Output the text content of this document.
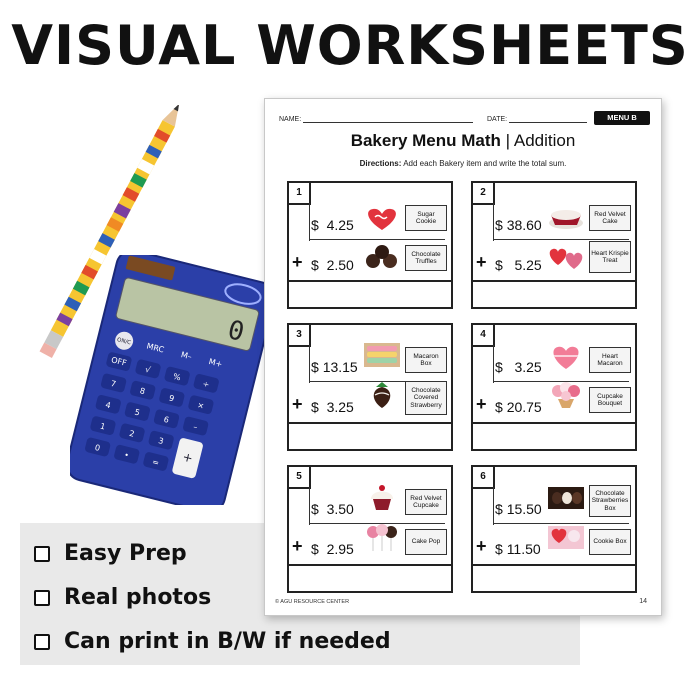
VISUAL WORKSHEETS
0
ON/C MRC
M–
M+
OFF
√
%
÷
7
8
9
×
4
5
6
–
1
2
3
0
•
= +
Easy Prep
Real photos
Can print in B/W if needed
NAME:	DATE:	MENU B
Bakery Menu Math | Addition
Directions: Add each Bakery item and write the total sum.
1
$ 4.25
Sugar Cookie
+ $ 2.50
Chocolate Truffles
2
$ 38.60
Red Velvet Cake
+ $ 5.25
Heart Krispie Treat
3
$ 13.15
Macaron Box
+ $ 3.25
Chocolate Covered Strawberry
4
$ 3.25
Heart Macaron
+ $ 20.75
Cupcake Bouquet
5
$ 3.50
Red Velvet Cupcake
+ $ 2.95	Cake Pop
6
$ 15.50
Chocolate Strawberries Box
+ $ 11.50	Cookie Box
© AGU RESOURCE CENTER	14
